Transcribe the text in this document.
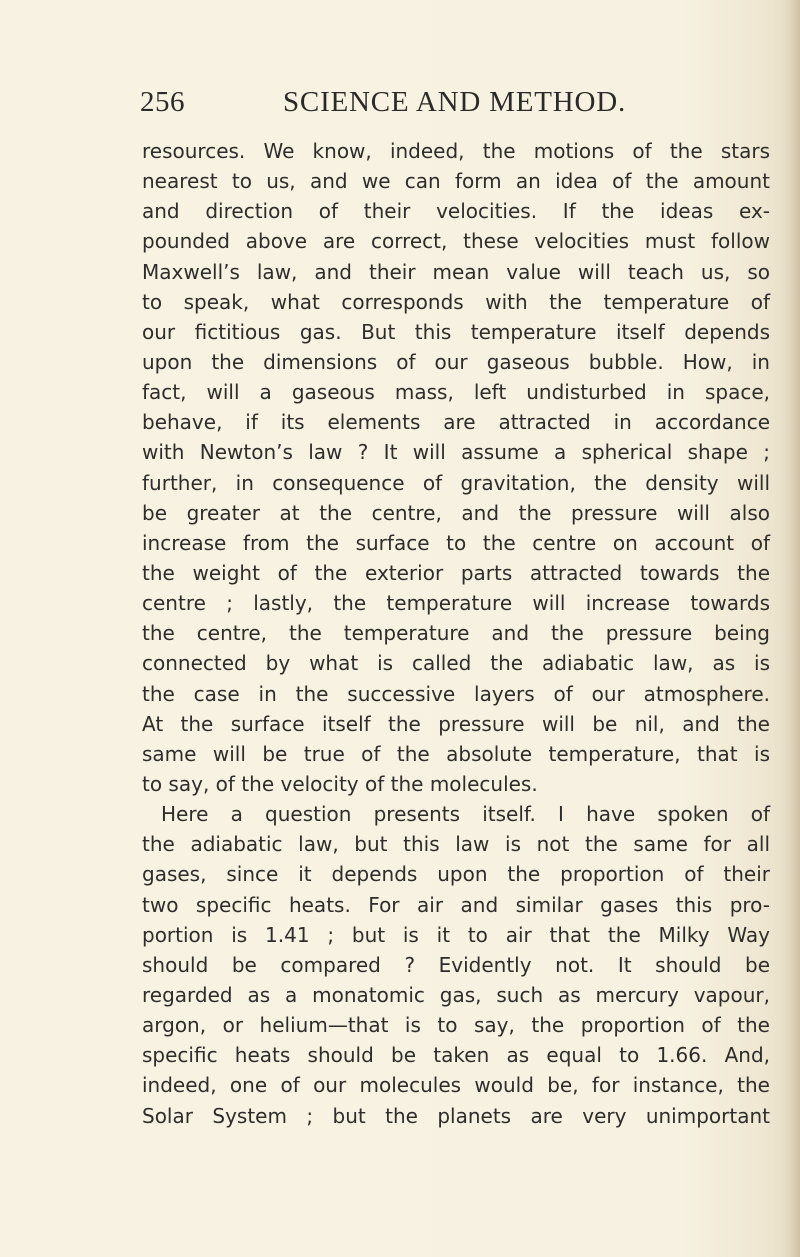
256	SCIENCE AND METHOD.
resources. We know, indeed, the motions of the stars
nearest to us, and we can form an idea of the amount
and direction of their velocities. If the ideas ex-
pounded above are correct, these velocities must follow
Maxwell’s law, and their mean value will teach us, so
to speak, what corresponds with the temperature of
our fictitious gas. But this temperature itself depends
upon the dimensions of our gaseous bubble. How, in
fact, will a gaseous mass, left undisturbed in space,
behave, if its elements are attracted in accordance
with Newton’s law ? It will assume a spherical shape ;
further, in consequence of gravitation, the density will
be greater at the centre, and the pressure will also
increase from the surface to the centre on account of
the weight of the exterior parts attracted towards the
centre ; lastly, the temperature will increase towards
the centre, the temperature and the pressure being
connected by what is called the adiabatic law, as is
the case in the successive layers of our atmosphere.
At the surface itself the pressure will be nil, and the
same will be true of the absolute temperature, that is
to say, of the velocity of the molecules.
Here a question presents itself. I have spoken of
the adiabatic law, but this law is not the same for all
gases, since it depends upon the proportion of their
two specific heats. For air and similar gases this pro-
portion is 1.41 ; but is it to air that the Milky Way
should be compared ? Evidently not. It should be
regarded as a monatomic gas, such as mercury vapour,
argon, or helium—that is to say, the proportion of the
specific heats should be taken as equal to 1.66. And,
indeed, one of our molecules would be, for instance, the
Solar System ; but the planets are very unimportant
